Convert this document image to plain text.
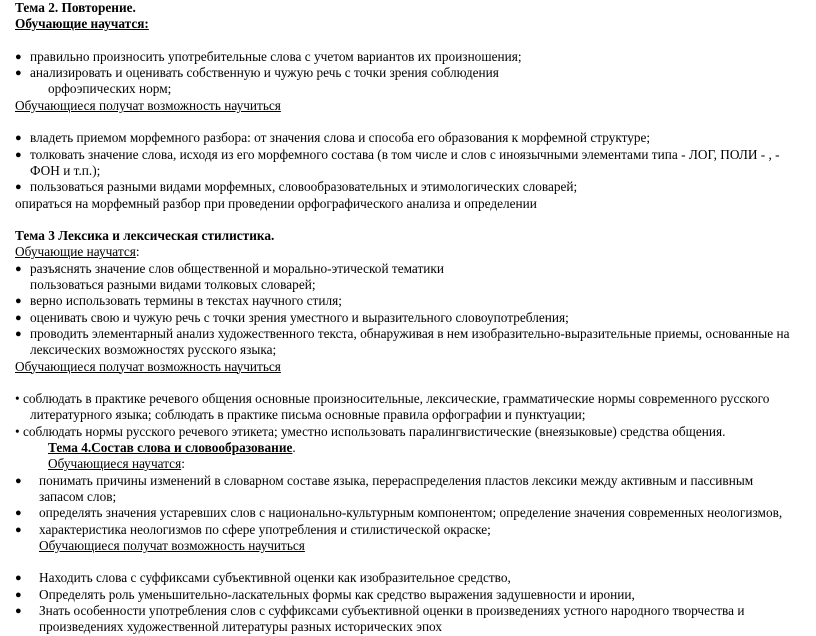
Тема 2. Повторение.
Обучающие научатся:
● правильно произносить употребительные слова с учетом вариантов их произношения;
● анализировать и оценивать собственную и чужую речь с точки зрения соблюдения
орфоэпических норм;
Обучающиеся получат возможность научиться
● владеть приемом морфемного разбора: от значения слова и способа его образования к морфемной структуре;
● толковать значение слова, исходя из его морфемного состава (в том числе и слов с иноязычными элементами типа - ЛОГ, ПОЛИ - , -
ФОН и т.п.);
● пользоваться разными видами морфемных, словообразовательных и этимологических словарей;
опираться на морфемный разбор при проведении орфографического анализа и определении
Тема 3 Лексика и лексическая стилистика.
Обучающие научатся:
● разъяснять значение слов общественной и морально-этической тематики
пользоваться разными видами толковых словарей;
● верно использовать термины в текстах научного стиля;
● оценивать свою и чужую речь с точки зрения уместного и выразительного словоупотребления;
● проводить элементарный анализ художественного текста, обнаруживая в нем изобразительно-выразительные приемы, основанные на
лексических возможностях русского языка;
Обучающиеся получат возможность научиться
• соблюдать в практике речевого общения основные произносительные, лексические, грамматические нормы современного русского
литературного языка; соблюдать в практике письма основные правила орфографии и пунктуации;
• соблюдать нормы русского речевого этикета; уместно использовать паралингвистические (внеязыковые) средства общения.
Тема 4.Состав слова и словообразование.
Обучающиеся научатся:
● понимать причины изменений в словарном составе языка, перераспределения пластов лексики между активным и пассивным
запасом слов;
● определять значения устаревших слов с национально-культурным компонентом; определение значения современных неологизмов,
● характеристика неологизмов по сфере употребления и стилистической окраске;
Обучающиеся получат возможность научиться
● Находить слова с суффиксами субъективной оценки как изобразительное средство,
● Определять роль уменьшительно-ласкательных формы как средство выражения задушевности и иронии,
● Знать особенности употребления слов с суффиксами субъективной оценки в произведениях устного народного творчества и
произведениях художественной литературы разных исторических эпох
